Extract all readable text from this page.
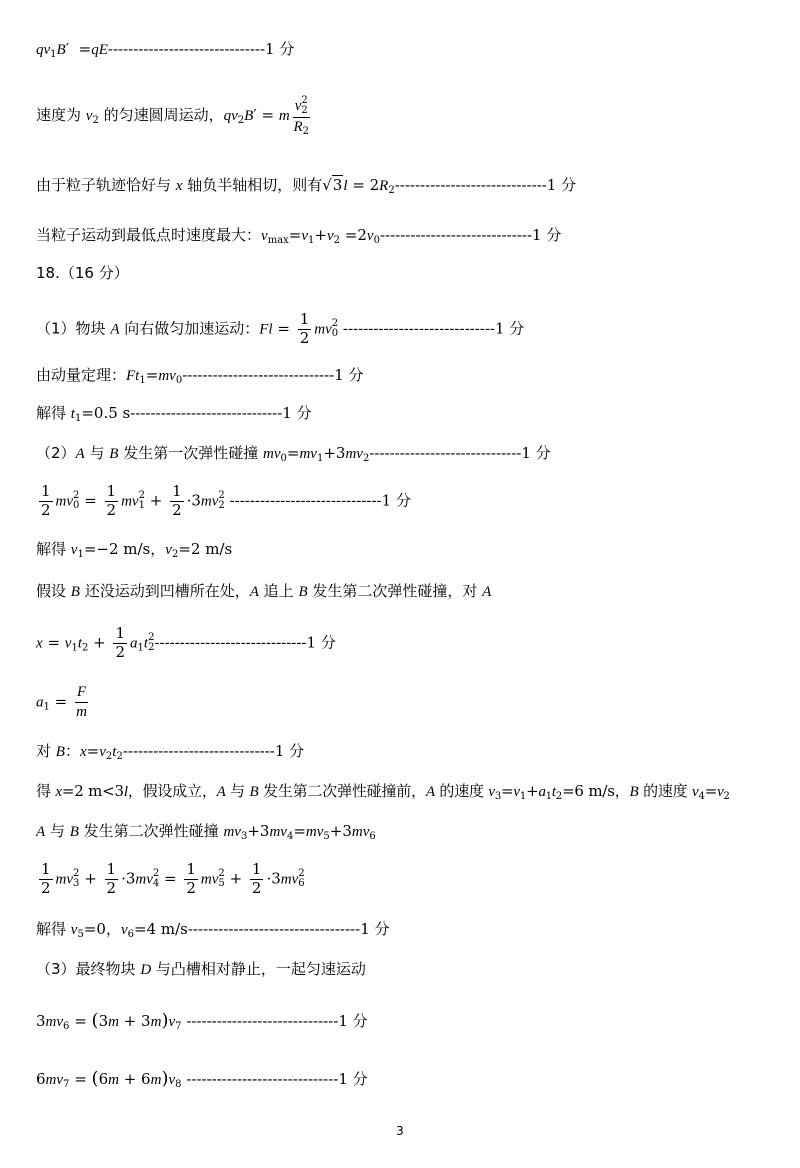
$qv_1B' =qE-------------------------------1$ 分
速度为 $v_2$ 的匀速圆周运动，$qv_2B' = m$ v 2
2
$R_2$
由于粒子轨迹恰好与 x 轴负半轴相切，则有$√3l = 2R_2------------------------------1$ 分
当粒子运动到最低点时速度最大：$v_{max}=v_1+v_2 =2v_0------------------------------1$ 分
18.（16 分）
（1）物块 A 向右做匀加速运动：$Fl = \frac{1}{2}$ mv 2
0 ------------------------------1 分
由动量定理：$Ft_1=mv_0------------------------------1$ 分
解得 $t_1=0.5$ s------------------------------1 分
（2）A 与 B 发生第一次弹性碰撞 $mv_0=mv_1+3mv_2------------------------------1$ 分
$\frac{1}{2}$ mv 2
$0 = \frac{1}{2}$ mv 2
$1 + \frac{1}{2} \cdot 3mv$ 2
2 ------------------------------1 分
解得 $v_1=-2$ m/s，$v_2=2$ m/s
假设 B 还没运动到凹槽所在处，A 追上 B 发生第二次弹性碰撞，对 A
$x = v_1t_2 + \frac{1}{2} a_1t$ 2
2 ------------------------------1 分
$a_1 = \frac{F}{m}$
对 B：$x=v_2t_2------------------------------1$ 分
得 x=2 m<3l，假设成立，A 与 B 发生第二次弹性碰撞前，A 的速度 $v_3=v_1+a_1t_2=6$ m/s，B 的速度 $v_4=v_2$
A 与 B 发生第二次弹性碰撞 $mv_3+3mv_4=mv_5+3mv_6$
$\frac{1}{2}$ mv 2
$3 + \frac{1}{2} \cdot 3mv$ 2
$4 = \frac{1}{2}$ mv 2
$5 + \frac{1}{2} \cdot 3mv$ 2
6
解得 $v_5=0$，$v_6=4$ m/s----------------------------------1 分
（3）最终物块 D 与凸槽相对静止，一起匀速运动
$3mv_6 = (3m + 3m)v_7$ ------------------------------1 分
$6mv_7 = (6m + 6m)v_8$ ------------------------------1 分
3
